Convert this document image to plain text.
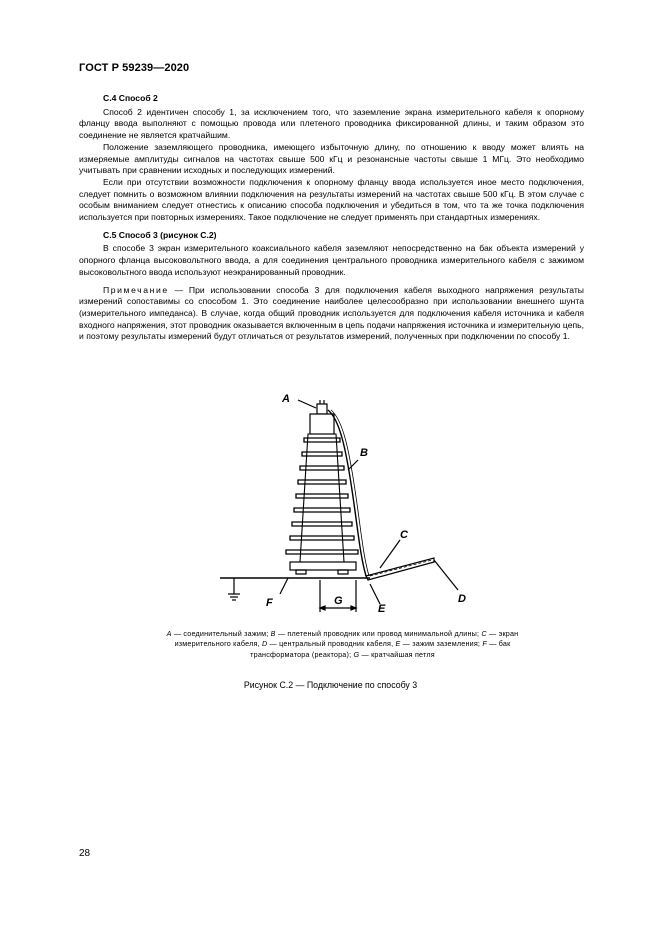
ГОСТ Р 59239—2020
С.4 Способ 2

Способ 2 идентичен способу 1, за исключением того, что заземление экрана измерительного кабеля к опорному фланцу ввода выполняют с помощью провода или плетеного проводника фиксированной длины, и таким образом это соединение не является кратчайшим.

Положение заземляющего проводника, имеющего избыточную длину, по отношению к вводу может влиять на измеряемые амплитуды сигналов на частотах свыше 500 кГц и резонансные частоты свыше 1 МГц. Это необходимо учитывать при сравнении исходных и последующих измерений.

Если при отсутствии возможности подключения к опорному фланцу ввода используется иное место подключения, следует помнить о возможном влиянии подключения на результаты измерений на частотах свыше 500 кГц. В этом случае с особым вниманием следует отнестись к описанию способа подключения и убедиться в том, что та же точка подключения используется при повторных измерениях. Такое подключение не следует применять при стандартных измерениях.

С.5 Способ 3 (рисунок С.2)

В способе 3 экран измерительного коаксиального кабеля заземляют непосредственно на бак объекта измерений у опорного фланца высоковольтного ввода, а для соединения центрального проводника измерительного кабеля с зажимом высоковольтного ввода используют неэкранированный проводник.

Примечание — При использовании способа 3 для подключения кабеля выходного напряжения результаты измерений сопоставимы со способом 1. Это соединение наиболее целесообразно при использовании внешнего шунта (измерительного импеданса). В случае, когда общий проводник используется для подключения кабеля источника и кабеля входного напряжения, этот проводник оказывается включенным в цепь подачи напряжения источника и измерительную цепь, и поэтому результаты измерений будут отличаться от результатов измерений, полученных при подключении по способу 1.

A
B
C
D
E
F	G
A — соединительный зажим; B — плетеный проводник или провод минимальной длины; C — экран измерительного кабеля, D — центральный проводник кабеля, E — зажим заземления; F — бак трансформатора (реактора); G — кратчайшая петля
Рисунок С.2 — Подключение по способу 3
28
